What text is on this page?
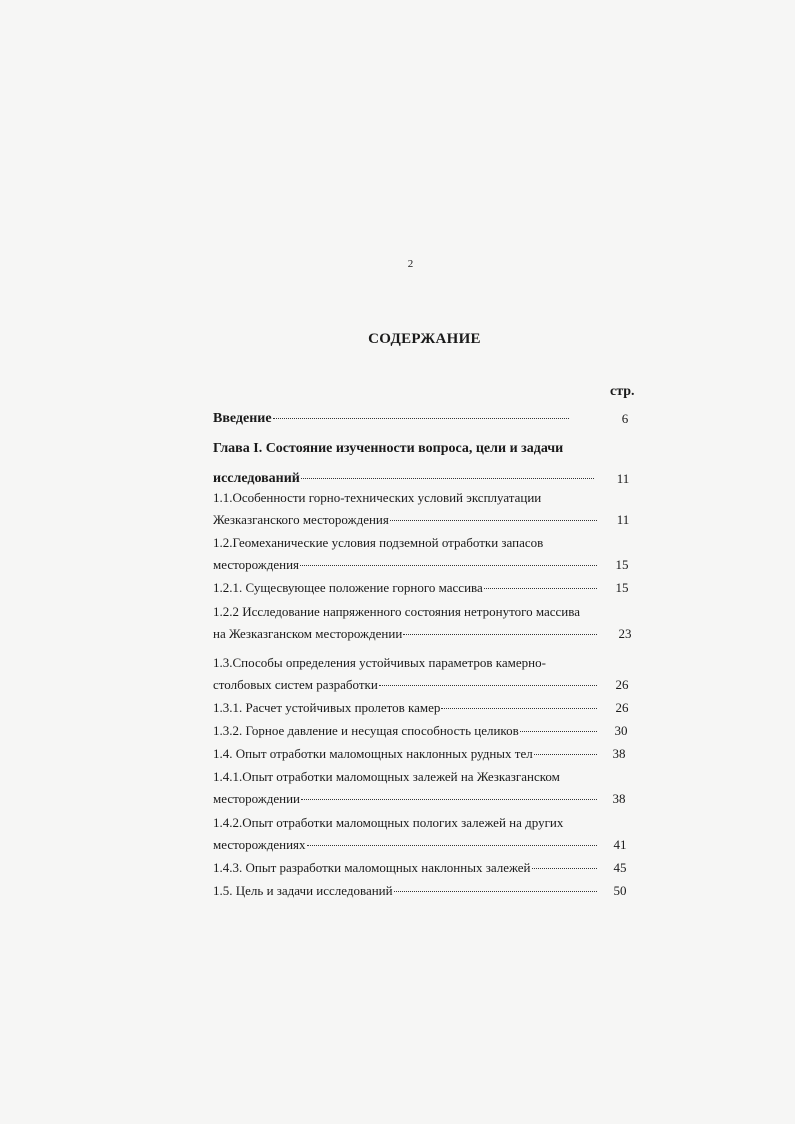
2
СОДЕРЖАНИЕ
стр.
Введение	6
Глава I. Состояние изученности вопроса, цели и задачи
исследований	11
1.1.Особенности горно-технических условий эксплуатации
Жезказганского месторождения	11
1.2.Геомеханические условия подземной отработки запасов
месторождения	15
1.2.1. Сущесвующее положение горного массива	15
1.2.2 Исследование напряженного состояния нетронутого массива
на Жезказганском месторождении	23
1.3.Способы определения устойчивых параметров камерно-
столбовых систем разработки	26
1.3.1. Расчет устойчивых пролетов камер	26
1.3.2. Горное давление и несущая способность целиков	30
1.4. Опыт отработки маломощных наклонных рудных тел	38
1.4.1.Опыт отработки маломощных залежей на Жезказганском
месторождении	38
1.4.2.Опыт отработки маломощных пологих залежей на других
месторождениях	41
1.4.3. Опыт разработки маломощных наклонных залежей	45
1.5. Цель и задачи исследований	50
